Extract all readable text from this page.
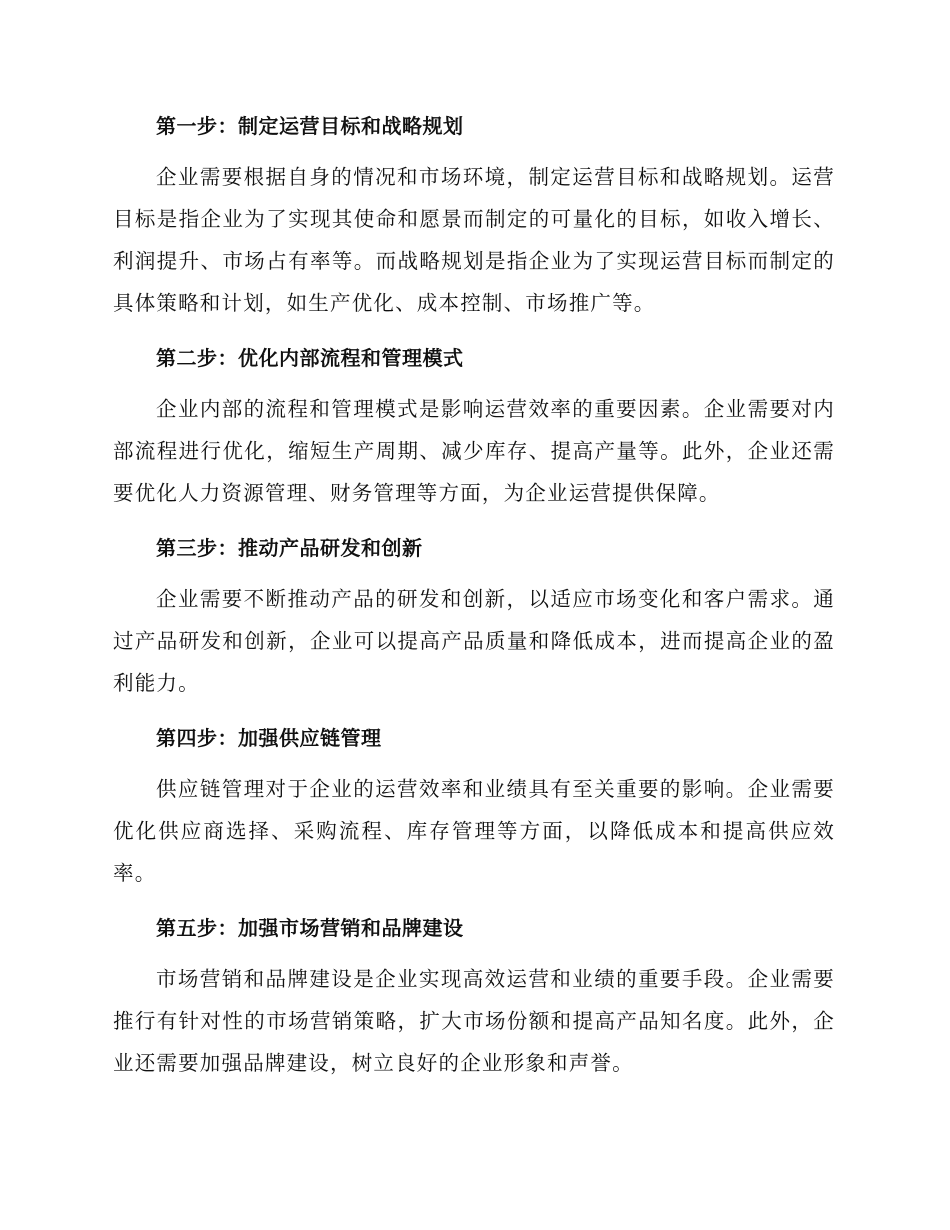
第一步：制定运营目标和战略规划

企业需要根据自身的情况和市场环境，制定运营目标和战略规划。运营目标是指企业为了实现其使命和愿景而制定的可量化的目标，如收入增长、利润提升、市场占有率等。而战略规划是指企业为了实现运营目标而制定的具体策略和计划，如生产优化、成本控制、市场推广等。

第二步：优化内部流程和管理模式

企业内部的流程和管理模式是影响运营效率的重要因素。企业需要对内部流程进行优化，缩短生产周期、减少库存、提高产量等。此外，企业还需要优化人力资源管理、财务管理等方面，为企业运营提供保障。

第三步：推动产品研发和创新

企业需要不断推动产品的研发和创新，以适应市场变化和客户需求。通过产品研发和创新，企业可以提高产品质量和降低成本，进而提高企业的盈利能力。

第四步：加强供应链管理

供应链管理对于企业的运营效率和业绩具有至关重要的影响。企业需要优化供应商选择、采购流程、库存管理等方面，以降低成本和提高供应效率。

第五步：加强市场营销和品牌建设

市场营销和品牌建设是企业实现高效运营和业绩的重要手段。企业需要推行有针对性的市场营销策略，扩大市场份额和提高产品知名度。此外，企业还需要加强品牌建设，树立良好的企业形象和声誉。
